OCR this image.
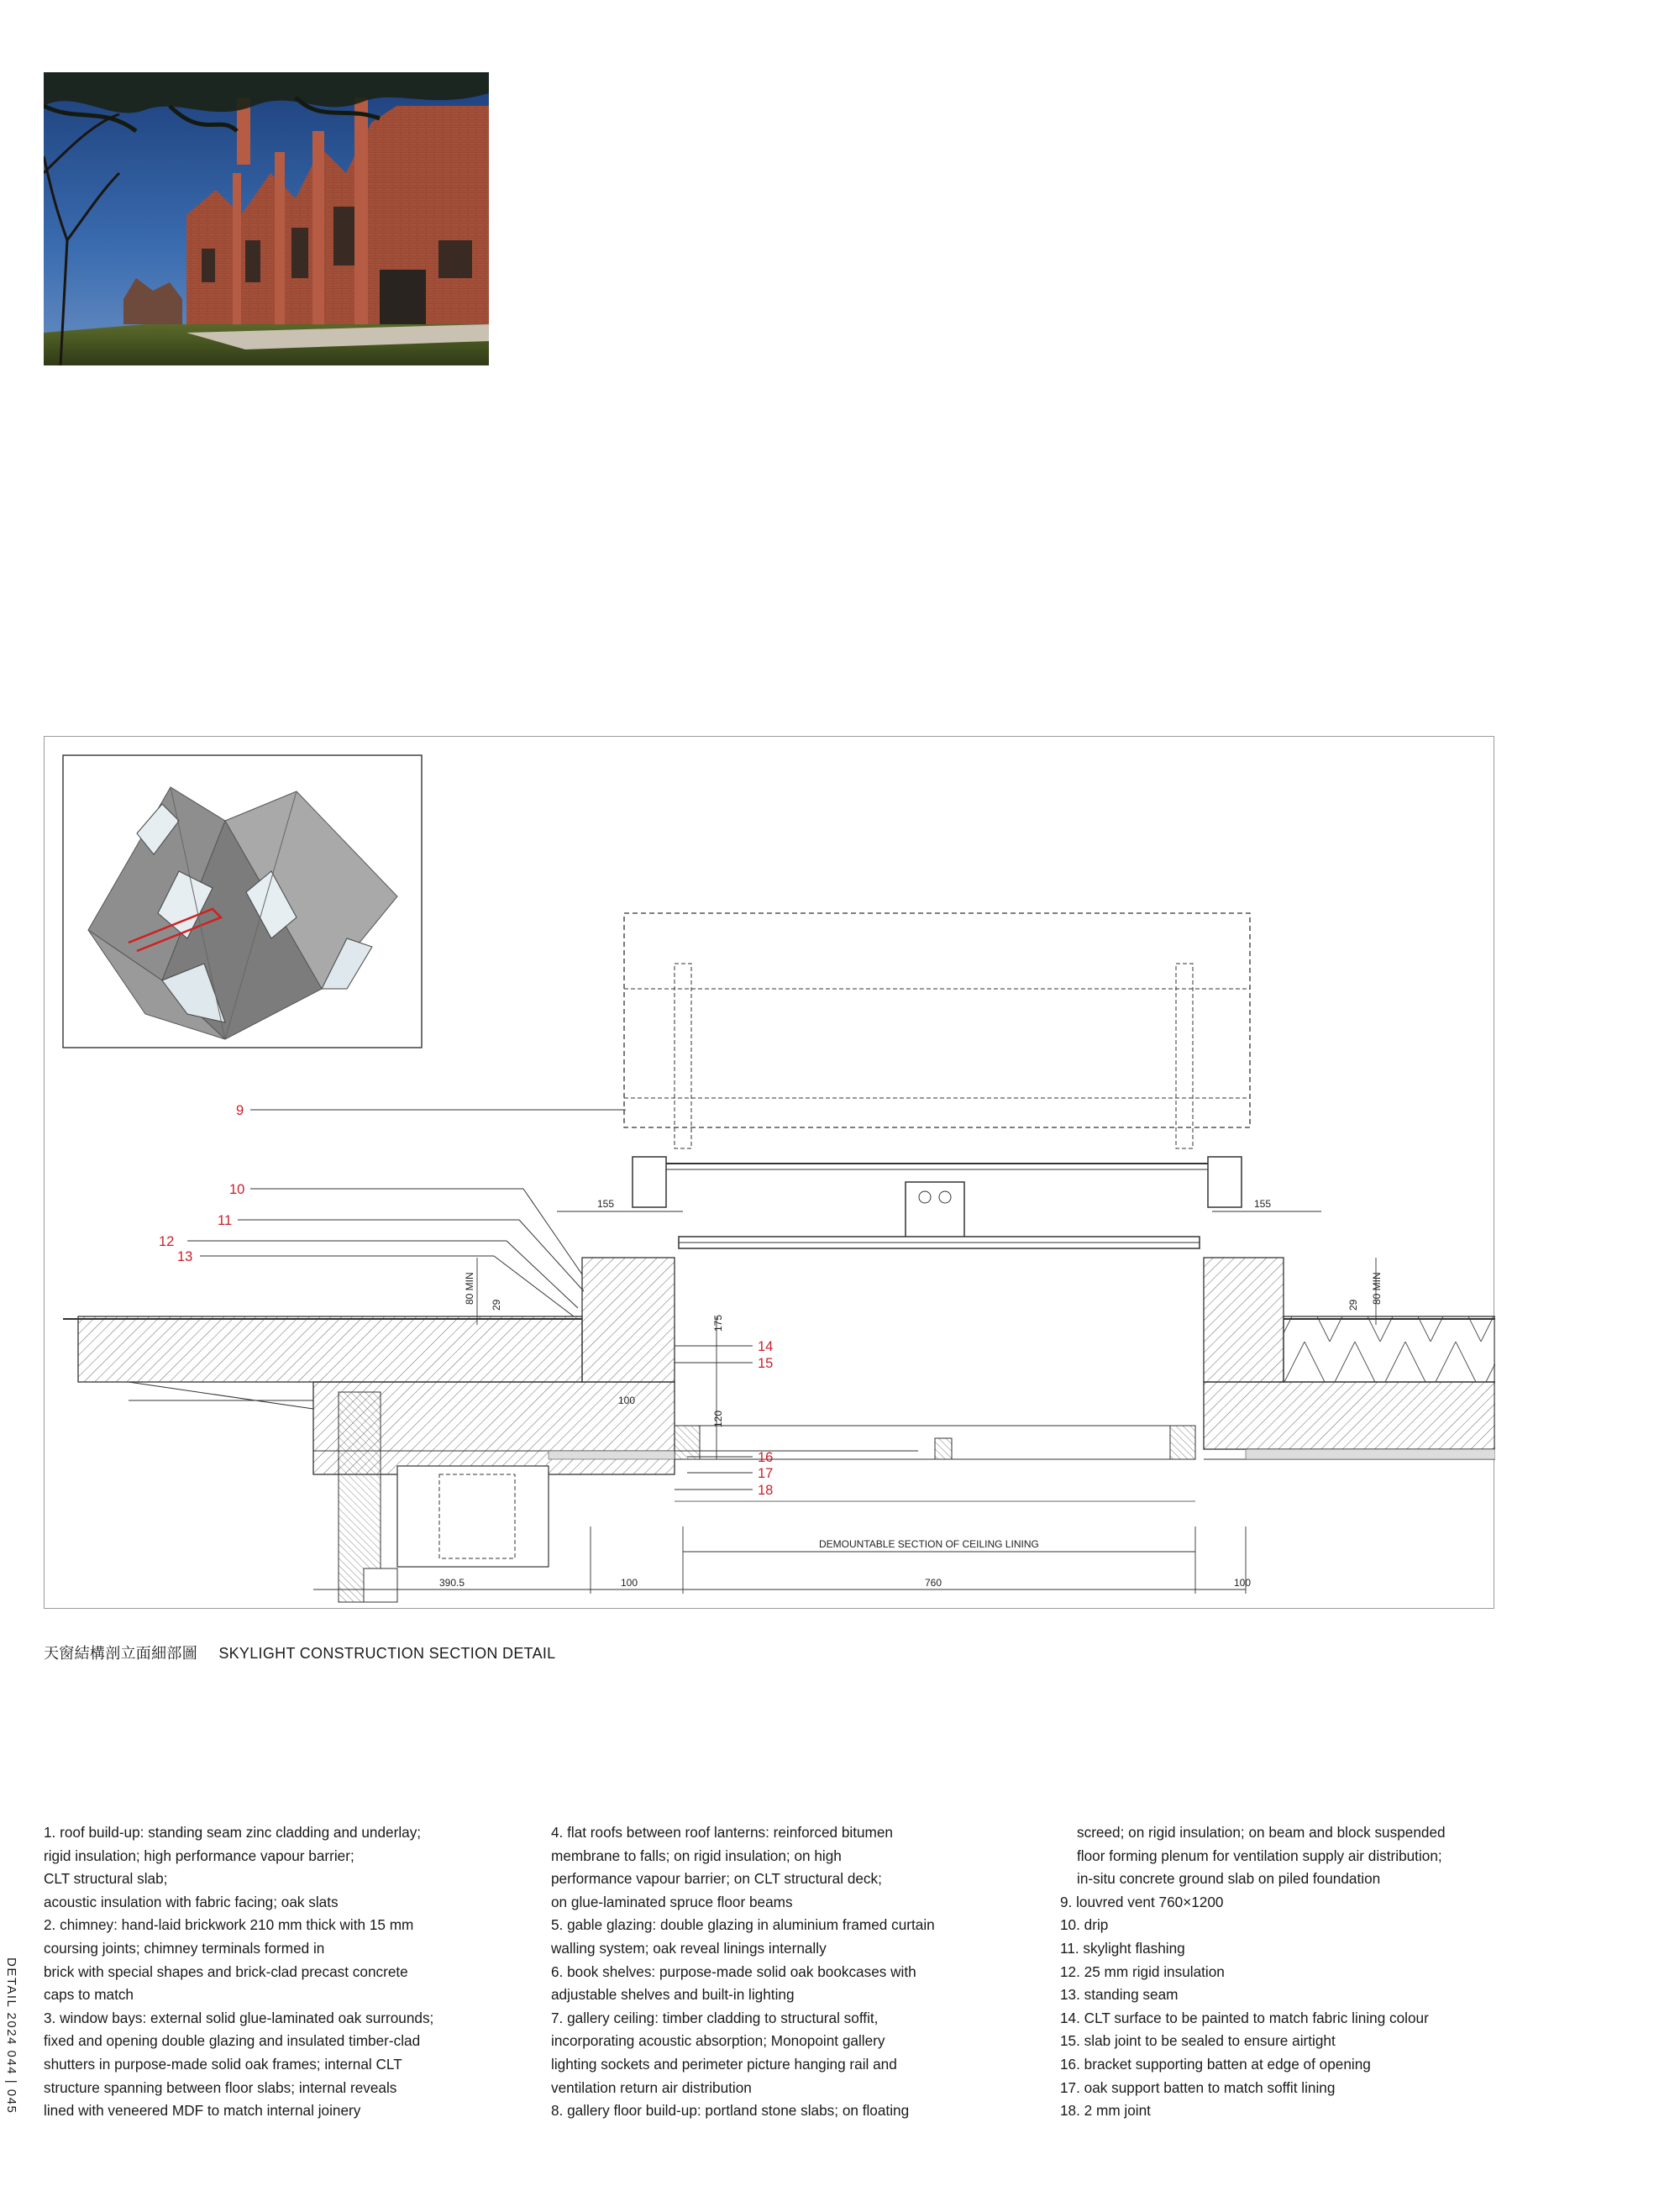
9
10
11
12
13
14
15
16
17
18
155	155
80 MIN	80 MIN
29	29
175
100
120
390.5	100	760	100
DEMOUNTABLE SECTION OF CEILING LINING
天窗結構剖立面細部圖 SKYLIGHT CONSTRUCTION SECTION DETAIL
1. roof build-up: standing seam zinc cladding and underlay;
rigid insulation; high performance vapour barrier;
CLT structural slab;
acoustic insulation with fabric facing; oak slats
2. chimney: hand-laid brickwork 210 mm thick with 15 mm
coursing joints; chimney terminals formed in
brick with special shapes and brick-clad precast concrete
caps to match
3. window bays: external solid glue-laminated oak surrounds;
fixed and opening double glazing and insulated timber-clad
shutters in purpose-made solid oak frames; internal CLT
structure spanning between floor slabs; internal reveals
lined with veneered MDF to match internal joinery
4. flat roofs between roof lanterns: reinforced bitumen
membrane to falls; on rigid insulation; on high
performance vapour barrier; on CLT structural deck;
on glue-laminated spruce floor beams
5. gable glazing: double glazing in aluminium framed curtain
walling system; oak reveal linings internally
6. book shelves: purpose-made solid oak bookcases with
adjustable shelves and built-in lighting
7. gallery ceiling: timber cladding to structural soffit,
incorporating acoustic absorption; Monopoint gallery
lighting sockets and perimeter picture hanging rail and
ventilation return air distribution
8. gallery floor build-up: portland stone slabs; on floating
screed; on rigid insulation; on beam and block suspended
floor forming plenum for ventilation supply air distribution;
in-situ concrete ground slab on piled foundation
9. louvred vent 760×1200
10. drip
11. skylight flashing
12. 25 mm rigid insulation
13. standing seam
14. CLT surface to be painted to match fabric lining colour
15. slab joint to be sealed to ensure airtight
16. bracket supporting batten at edge of opening
17. oak support batten to match soffit lining
18. 2 mm joint
DETAIL 2024 044 | 045
